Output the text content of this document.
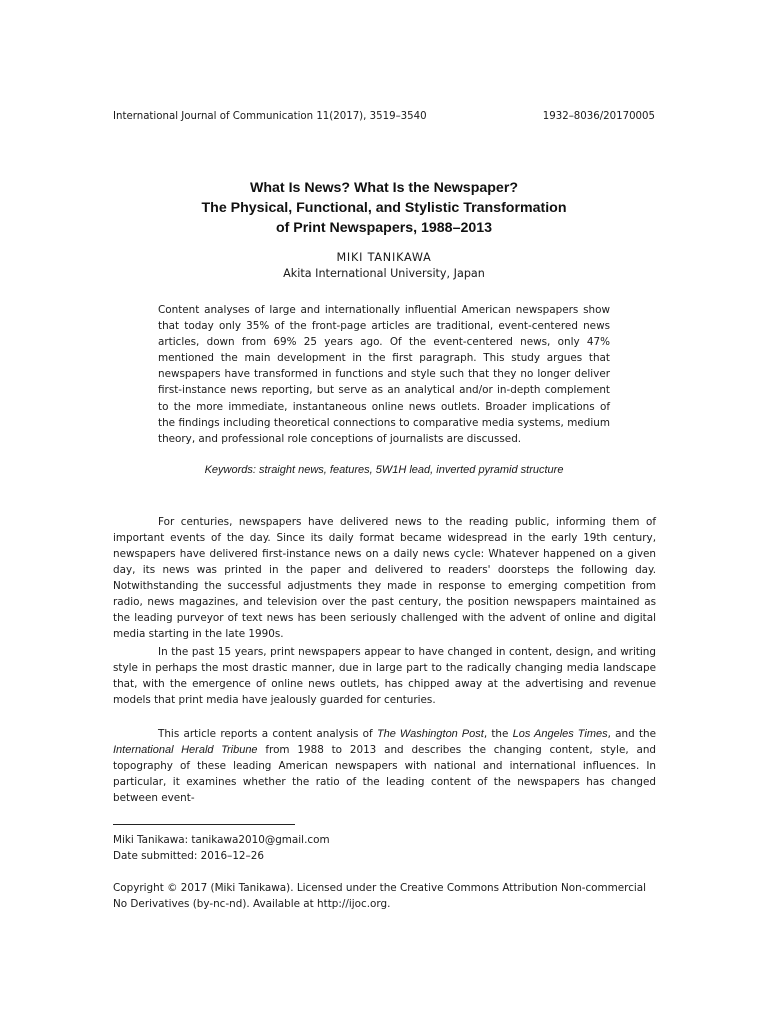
International Journal of Communication 11(2017), 3519–3540	1932–8036/20170005
What Is News? What Is the Newspaper?
The Physical, Functional, and Stylistic Transformation
of Print Newspapers, 1988–2013
MIKI TANIKAWA
Akita International University, Japan
Content analyses of large and internationally influential American newspapers show that today only 35% of the front-page articles are traditional, event-centered news articles, down from 69% 25 years ago. Of the event-centered news, only 47% mentioned the main development in the first paragraph. This study argues that newspapers have transformed in functions and style such that they no longer deliver first-instance news reporting, but serve as an analytical and/or in-depth complement to the more immediate, instantaneous online news outlets. Broader implications of the findings including theoretical connections to comparative media systems, medium theory, and professional role conceptions of journalists are discussed.
Keywords: straight news, features, 5W1H lead, inverted pyramid structure

For centuries, newspapers have delivered news to the reading public, informing them of important events of the day. Since its daily format became widespread in the early 19th century, newspapers have delivered first-instance news on a daily news cycle: Whatever happened on a given day, its news was printed in the paper and delivered to readers' doorsteps the following day. Notwithstanding the successful adjustments they made in response to emerging competition from radio, news magazines, and television over the past century, the position newspapers maintained as the leading purveyor of text news has been seriously challenged with the advent of online and digital media starting in the late 1990s.

In the past 15 years, print newspapers appear to have changed in content, design, and writing style in perhaps the most drastic manner, due in large part to the radically changing media landscape that, with the emergence of online news outlets, has chipped away at the advertising and revenue models that print media have jealously guarded for centuries.

This article reports a content analysis of The Washington Post, the Los Angeles Times, and the International Herald Tribune from 1988 to 2013 and describes the changing content, style, and topography of these leading American newspapers with national and international influences. In particular, it examines whether the ratio of the leading content of the newspapers has changed between event-

Miki Tanikawa: tanikawa2010@gmail.com
Date submitted: 2016–12–26
Copyright © 2017 (Miki Tanikawa). Licensed under the Creative Commons Attribution Non-commercial No Derivatives (by-nc-nd). Available at http://ijoc.org.
